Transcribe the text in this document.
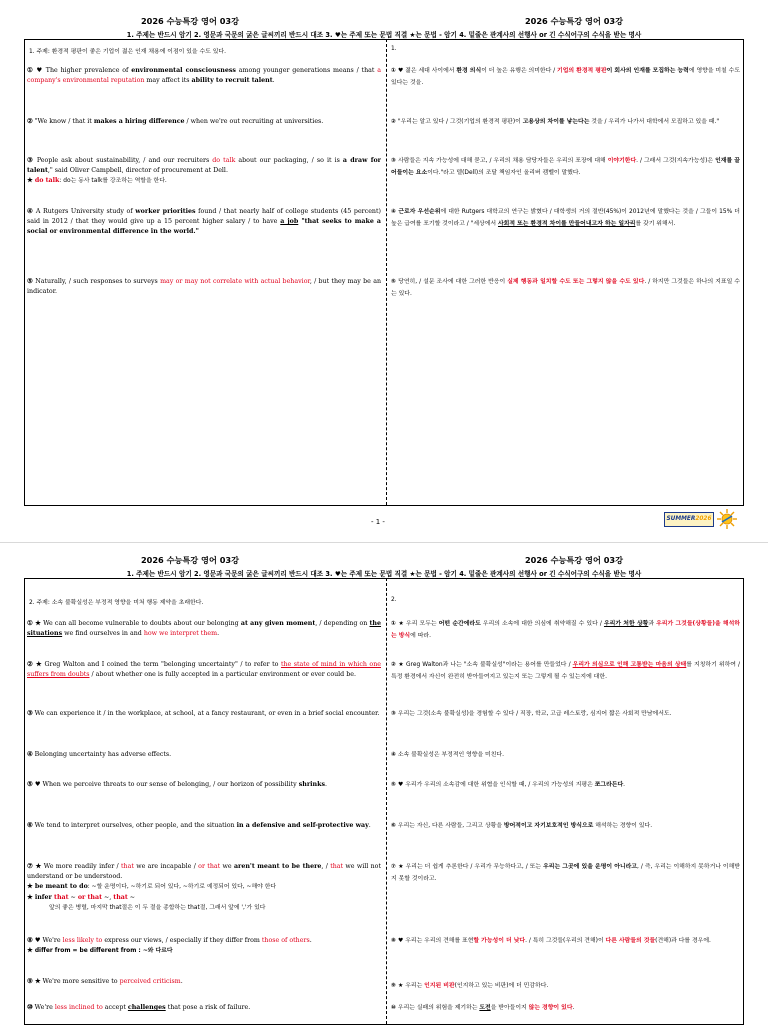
2026 수능특강 영어 03강	2026 수능특강 영어 03강
1. 주제는 반드시 암기 2. 영문과 국문의 굵은 글씨끼리 반드시 대조 3. ♥는 주제 또는 문법 직결 ★는 문법 - 암기 4. 밑줄은 관계사의 선행사 or 긴 수식어구의 수식을 받는 명사
1. 주제: 환경적 평판이 좋은 기업이 젊은 인재 채용에 이점이 있을 수도 있다.
① ♥ The higher prevalence of environmental consciousness among younger generations means / that a company's environmental reputation may affect its ability to recruit talent.
② "We know / that it makes a hiring difference / when we're out recruiting at universities.
③ People ask about sustainability, / and our recruiters do talk about our packaging, / so it is a draw for talent," said Oliver Campbell, director of procurement at Dell.
★ do talk: do는 동사 talk를 강조하는 역할을 한다.
④ A Rutgers University study of worker priorities found / that nearly half of college students (45 percent) said in 2012 / that they would give up a 15 percent higher salary / to have a job "that seeks to make a social or environmental difference in the world."
⑤ Naturally, / such responses to surveys may or may not correlate with actual behavior, / but they may be an indicator.
1.
① ♥ 젊은 세대 사이에서 환경 의식이 더 높은 유행은 의미한다 / 기업의 환경적 평판이 회사의 인재를 모집하는 능력에 영향을 미칠 수도 있다는 것을.
② "우리는 알고 있다 / 그것(기업의 환경적 평판)이 고용상의 차이를 낳는다는 것을 / 우리가 나가서 대학에서 모집하고 있을 때."
③ 사람들은 지속 가능성에 대해 묻고, / 우리의 채용 담당자들은 우리의 포장에 대해 이야기한다. / 그래서 그것(지속가능성)은 인재를 끌어들이는 요소이다."라고 델(Dell)의 조달 책임자인 올리버 캠벨이 말했다.
④ 근로자 우선순위에 대한 Rutgers 대학교의 연구는 밝혔다 / 대학생의 거의 절반(45%)이 2012년에 말했다는 것을 / 그들이 15% 더 높은 급여를 포기할 것이라고 / "세상에서 사회적 또는 환경적 차이를 만들어내고자 하는 일자리를 갖기 위해서.
⑤ 당연히, / 설문 조사에 대한 그러한 반응이 실제 행동과 일치할 수도 또는 그렇지 않을 수도 있다. / 하지만 그것들은 하나의 지표일 수는 있다.
- 1 -	SUMMER2026
2026 수능특강 영어 03강	2026 수능특강 영어 03강
1. 주제는 반드시 암기 2. 영문과 국문의 굵은 글씨끼리 반드시 대조 3. ♥는 주제 또는 문법 직결 ★는 문법 - 암기 4. 밑줄은 관계사의 선행사 or 긴 수식어구의 수식을 받는 명사
2. 주제: 소속 불확실성은 부정적 영향을 미쳐 행동 제약을 초래한다.
① ★ We can all become vulnerable to doubts about our belonging at any given moment, / depending on the situations we find ourselves in and how we interpret them.
② ★ Greg Walton and I coined the term "belonging uncertainty" / to refer to the state of mind in which one suffers from doubts / about whether one is fully accepted in a particular environment or ever could be.
③ We can experience it / in the workplace, at school, at a fancy restaurant, or even in a brief social encounter.
④ Belonging uncertainty has adverse effects.
⑤ ♥ When we perceive threats to our sense of belonging, / our horizon of possibility shrinks.
⑥ We tend to interpret ourselves, other people, and the situation in a defensive and self-protective way.
⑦ ★ We more readily infer / that we are incapable / or that we aren't meant to be there, / that we will not understand or be understood.
★ be meant to do: ~할 운명이다, ~하기로 되어 있다, ~하기로 예정되어 있다, ~해야 한다
★ infer that ~ or that ~, that ~
앞의 좋은 병렬, 마지막 that절은 이 두 절을 종합하는 that절, 그래서 앞에 ','가 있다
⑧ ♥ We're less likely to express our views, / especially if they differ from those of others.
★ differ from = be different from : ~와 다르다
⑨ ★ We're more sensitive to perceived criticism.
⑩ We're less inclined to accept challenges that pose a risk of failure.
2.
① ★ 우리 모두는 어떤 순간에라도 우리의 소속에 대한 의심에 취약해질 수 있다 / 우리가 처한 상황과 우리가 그것들(상황들)을 해석하는 방식에 따라.
② ★ Greg Walton과 나는 "소속 불확실성"이라는 용어를 만들었다 / 우리가 의심으로 인해 고통받는 마음의 상태를 지칭하기 위하여 / 특정 환경에서 자신이 완전히 받아들여지고 있는지 또는 그렇게 될 수 있는지에 대한.
③ 우리는 그것(소속 불확실성)을 경험할 수 있다 / 직장, 학교, 고급 레스토랑, 심지어 짧은 사회적 만남에서도.
④ 소속 불확실성은 부정적인 영향을 미친다.
⑤ ♥ 우리가 우리의 소속감에 대한 위협을 인식할 때, / 우리의 가능성의 지평은 쪼그라든다.
⑥ 우리는 자신, 다른 사람들, 그리고 상황을 방어적이고 자기보호적인 방식으로 해석하는 경향이 있다.
⑦ ★ 우리는 더 쉽게 추론한다 / 우리가 무능하다고, / 또는 우리는 그곳에 있을 운명이 아니라고, / 즉, 우리는 이해하지 못하거나 이해받지 못할 것이라고.
⑧ ♥ 우리는 우리의 견해를 표현할 가능성이 더 낮다. / 특히 그것들(우리의 견해)이 다른 사람들의 것들(견해)과 다를 경우에.
⑨ ★ 우리는 인지된 비판(인지하고 있는 비판)에 더 민감하다.
⑩ 우리는 실패의 위험을 제기하는 도전을 받아들이지 않는 경향이 있다.
